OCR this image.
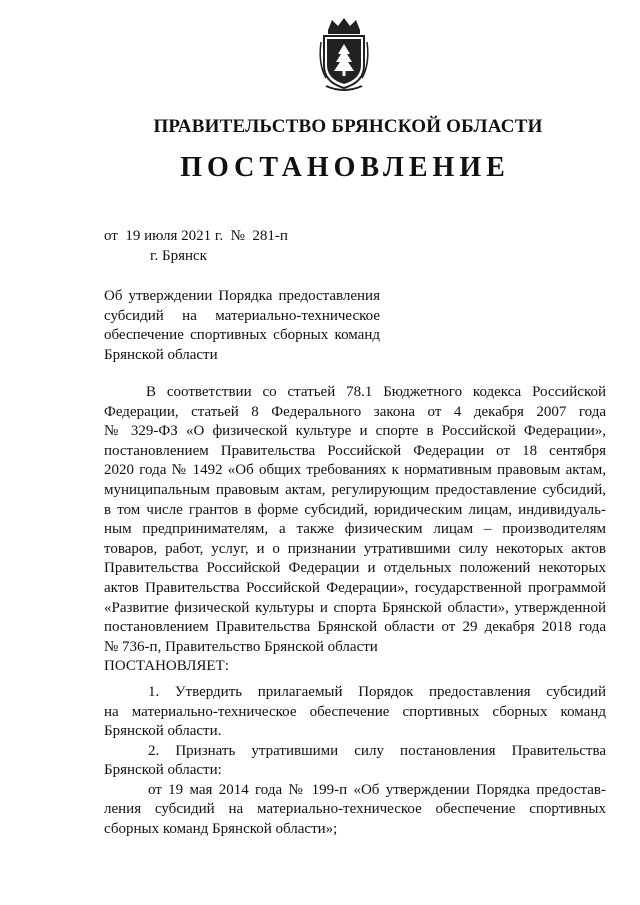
ПРАВИТЕЛЬСТВО БРЯНСКОЙ ОБЛАСТИ
ПОСТАНОВЛЕНИЕ
от  19 июля 2021 г.  №  281-п
г. Брянск
Об утверждении Порядка предоставления
субсидий на материально-техническое
обеспечение спортивных сборных команд
Брянской области
В соответствии со статьей 78.1 Бюджетного кодекса Российской
Федерации, статьей 8 Федерального закона от 4 декабря 2007 года
№ 329-ФЗ «О физической культуре и спорте в Российской Федерации»,
постановлением Правительства Российской Федерации от 18 сентября
2020 года № 1492 «Об общих требованиях к нормативным правовым актам,
муниципальным правовым актам, регулирующим предоставление субсидий,
в том числе грантов в форме субсидий, юридическим лицам, индивидуаль-
ным предпринимателям, а также физическим лицам – производителям
товаров, работ, услуг, и о признании утратившими силу некоторых актов
Правительства Российской Федерации и отдельных положений некоторых
актов Правительства Российской Федерации», государственной программой
«Развитие физической культуры и спорта Брянской области», утвержденной
постановлением Правительства Брянской области от 29 декабря 2018 года
№ 736-п, Правительство Брянской области
ПОСТАНОВЛЯЕТ:
1. Утвердить прилагаемый Порядок предоставления субсидий
на материально-техническое обеспечение спортивных сборных команд
Брянской области.
2. Признать утратившими силу постановления Правительства
Брянской области:
от 19 мая 2014 года № 199-п «Об утверждении Порядка предостав-
ления субсидий на материально-техническое обеспечение спортивных
сборных команд Брянской области»;
